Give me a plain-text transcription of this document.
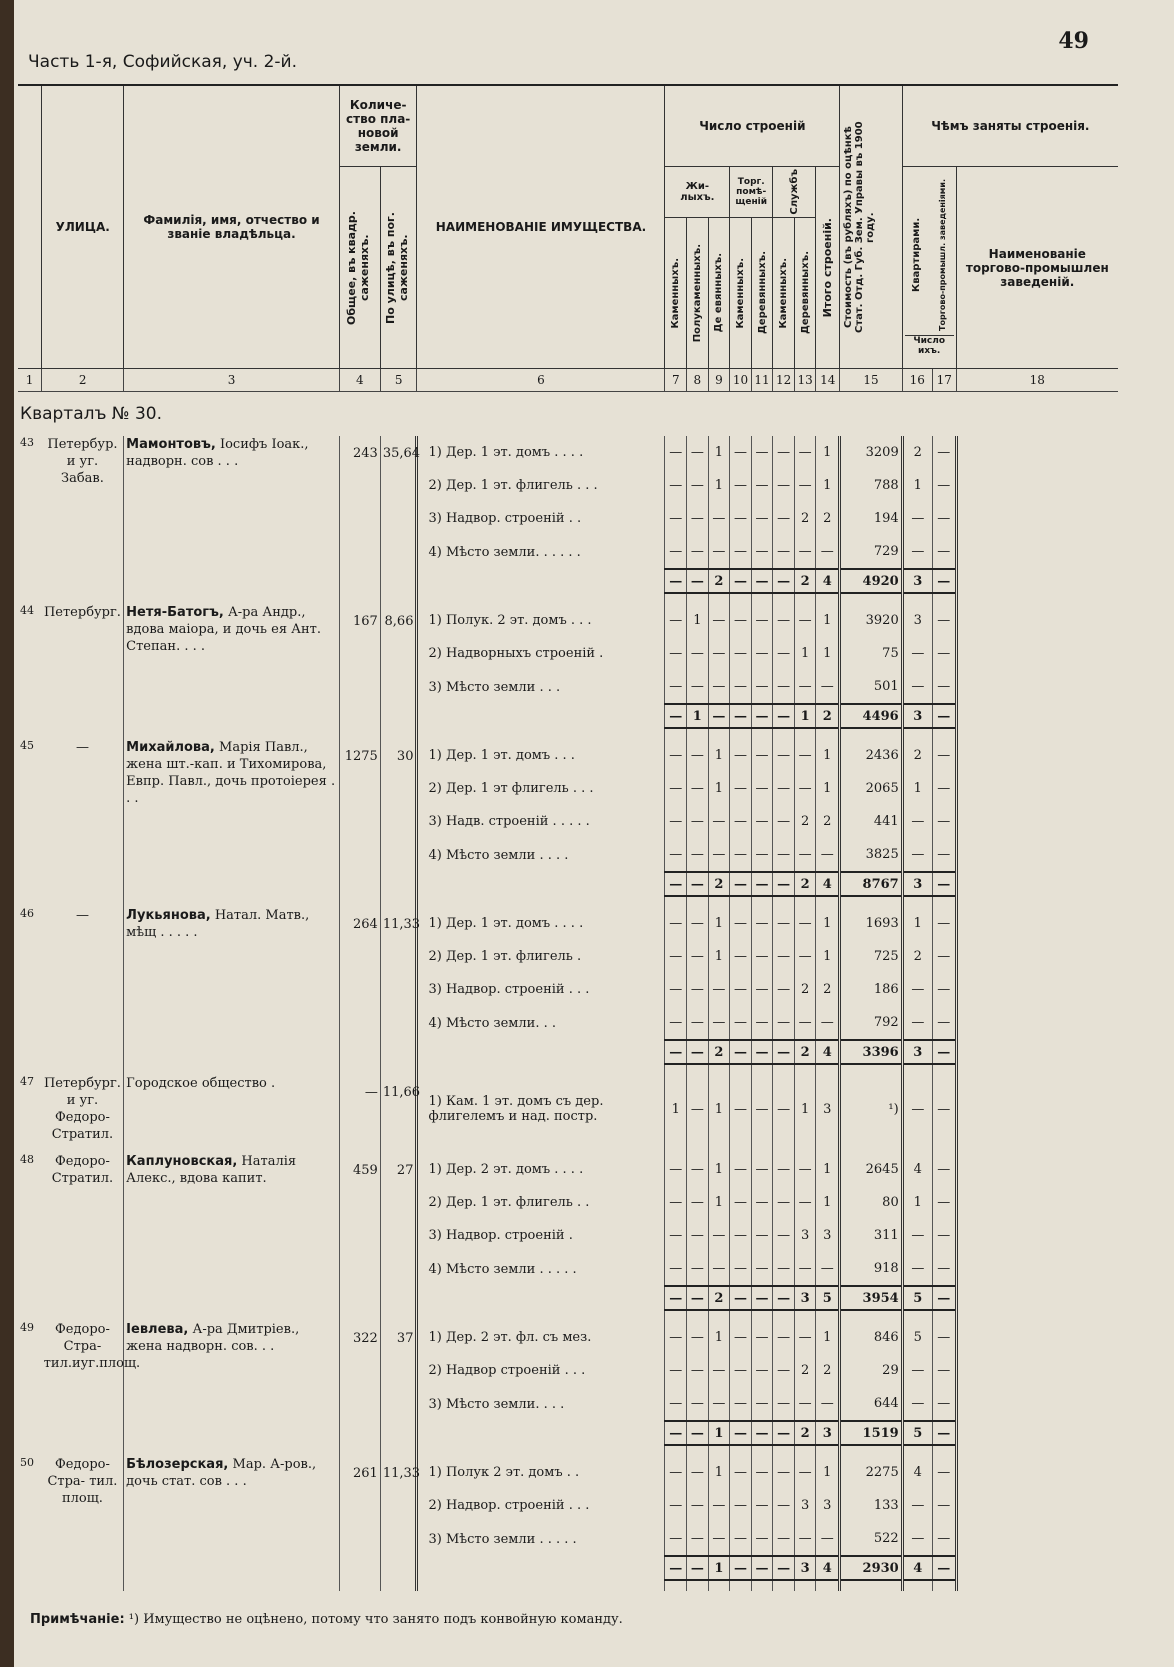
49
Часть 1-я, Софийская, уч. 2-й.
	УЛИЦА.	Фамилія, имя, отчество и званіе владѣльца.	Количе- ство пла- новой земли.		НАИМЕНОВАНІЕ ИМУЩЕСТВА.	Число строеній								Стоимость (въ рубляхъ) по оцѣнкѣ Стат. Отд. Губ. Зем. Управы въ 1900 году.	Чѣмъ заняты строенія.		

			Общее, въ квадр. саженяхъ.	По улицѣ, въ пог. саженяхъ.		Жи- лыхъ.			Торг. помѣ- щеній		Службъ		Итого строеній.		Квартирами. Торгово-промышл. заведеніями.
Число ихъ.		Наименованіе торгово-промышлен заведеній.

						Каменныхъ.	Полукаменныхъ.	Де евянныхъ.	Каменныхъ.	Деревянныхъ.	Каменныхъ.	Деревянныхъ.					

1	2	3	4	5	6	7	8	9	10	11	12	13	14	15	16	17	18
Кварталъ № 30.																	
43	Петербур. и уг. Забав.	Мамонтовъ, Іосифъ Іоак., надворн. сов . . .	243	35,64	1) Дер. 1 эт. домъ . . . .	—	—	1	—	—	—	—	1	3209	2	—	
					2) Дер. 1 эт. флигель . . .	—	—	1	—	—	—	—	1	788	1	—	
					3) Надвор. строеній . .	—	—	—	—	—	—	2	2	194	—	—	
					4) Мѣсто земли. . . . . .	—	—	—	—	—	—	—	—	729	—	—	
						—	—	2	—	—	—	2	4	4920	3	—	

44	Петербург.	Нетя-Батогъ, А-ра Андр., вдова маіора, и дочь ея Ант. Степан. . . .	167	8,66	1) Полук. 2 эт. домъ . . .	—	1	—	—	—	—	—	1	3920	3	—	
					2) Надворныхъ строеній .	—	—	—	—	—	—	1	1	75	—	—	
					3) Мѣсто земли . . .	—	—	—	—	—	—	—	—	501	—	—	
						—	1	—	—	—	—	1	2	4496	3	—	

45	—	Михайлова, Марія Павл., жена шт.-кап. и Тихомирова, Евпр. Павл., дочь протоіерея . . .	1275	30	1) Дер. 1 эт. домъ . . .	—	—	1	—	—	—	—	1	2436	2	—	
					2) Дер. 1 эт флигель . . .	—	—	1	—	—	—	—	1	2065	1	—	
					3) Надв. строеній . . . . .	—	—	—	—	—	—	2	2	441	—	—	
					4) Мѣсто земли . . . .	—	—	—	—	—	—	—	—	3825	—	—	
						—	—	2	—	—	—	2	4	8767	3	—	

46	—	Лукьянова, Натал. Матв., мѣщ . . . . .	264	11,33	1) Дер. 1 эт. домъ . . . .	—	—	1	—	—	—	—	1	1693	1	—	
					2) Дер. 1 эт. флигель .	—	—	1	—	—	—	—	1	725	2	—	
					3) Надвор. строеній . . .	—	—	—	—	—	—	2	2	186	—	—	
					4) Мѣсто земли. . .	—	—	—	—	—	—	—	—	792	—	—	
						—	—	2	—	—	—	2	4	3396	3	—	

47	Петербург. и уг. Федоро- Стратил.	Городское общество .	—	11,66	1) Кам. 1 эт. домъ съ дер. флигелемъ и над. постр.	1	—	1	—	—	—	1	3	¹)	—	—	

48	Федоро- Стратил.	Каплуновская, Наталія Алекс., вдова капит.	459	27	1) Дер. 2 эт. домъ . . . .	—	—	1	—	—	—	—	1	2645	4	—	
					2) Дер. 1 эт. флигель . .	—	—	1	—	—	—	—	1	80	1	—	
					3) Надвор. строеній .	—	—	—	—	—	—	3	3	311	—	—	
					4) Мѣсто земли . . . . .	—	—	—	—	—	—	—	—	918	—	—	
						—	—	2	—	—	—	3	5	3954	5	—	

49	Федоро-Стра- тил.иуг.площ.	Іевлева, А-ра Дмитріев., жена надворн. сов. . .	322	37	1) Дер. 2 эт. фл. съ мез.	—	—	1	—	—	—	—	1	846	5	—	
					2) Надвор строеній . . .	—	—	—	—	—	—	2	2	29	—	—	
					3) Мѣсто земли. . . .	—	—	—	—	—	—	—	—	644	—	—	
						—	—	1	—	—	—	2	3	1519	5	—	

50	Федоро-Стра- тил. площ.	Бѣлозерская, Мар. А-ров., дочь стат. сов . . .	261	11,33	1) Полук 2 эт. домъ . .	—	—	1	—	—	—	—	1	2275	4	—	
					2) Надвор. строеній . . .	—	—	—	—	—	—	3	3	133	—	—	
					3) Мѣсто земли . . . . .	—	—	—	—	—	—	—	—	522	—	—	
						—	—	1	—	—	—	3	4	2930	4	—	

Примѣчаніе: ¹) Имущество не оцѣнено, потому что занято подъ конвойную команду.
